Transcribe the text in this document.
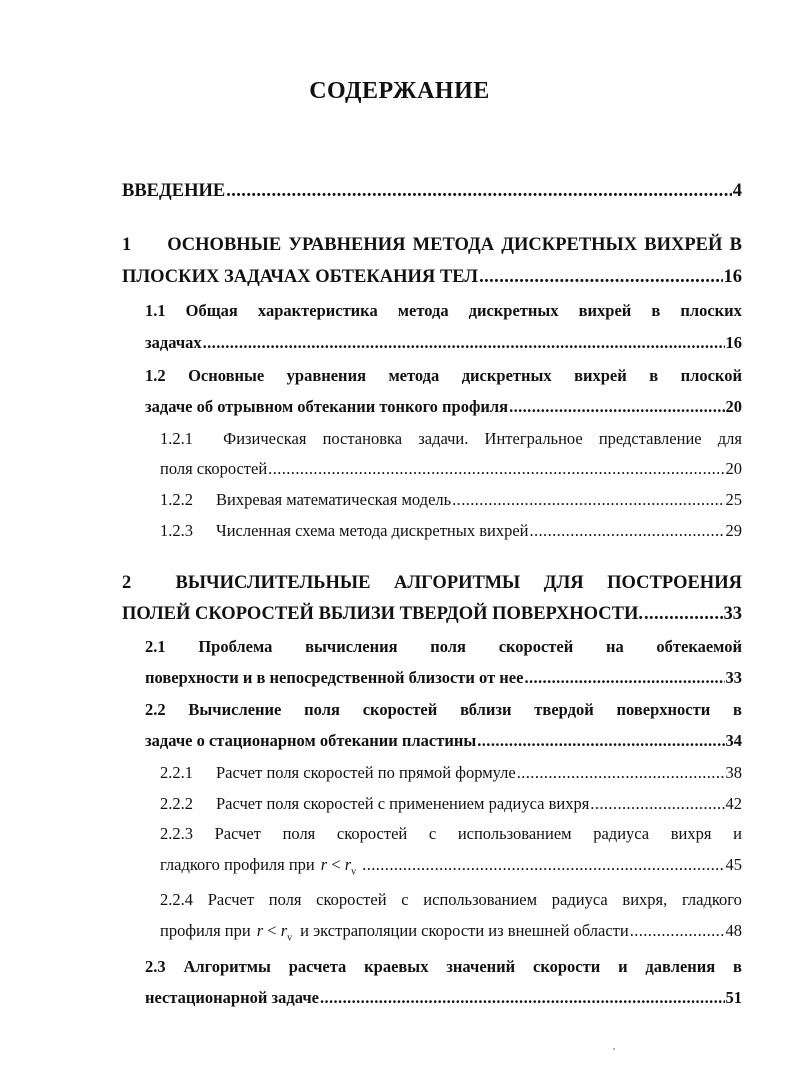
СОДЕРЖАНИЕ
ВВЕДЕНИЕ .....	4
1	ОСНОВНЫЕ УРАВНЕНИЯ МЕТОДА ДИСКРЕТНЫХ ВИХРЕЙ В
ПЛОСКИХ ЗАДАЧАХ ОБТЕКАНИЯ ТЕЛ .....	16
1.1 Общая характеристика метода дискретных вихрей в плоских
задачах .....	16
1.2 Основные уравнения метода дискретных вихрей в плоской
задаче об отрывном обтекании тонкого профиля .....	20
1.2.1 Физическая постановка задачи. Интегральное представление для
поля скоростей .....	20
1.2.2	Вихревая математическая модель .....	25
1.2.3	Численная схема метода дискретных вихрей .....	29
2	ВЫЧИСЛИТЕЛЬНЫЕ АЛГОРИТМЫ ДЛЯ ПОСТРОЕНИЯ
ПОЛЕЙ СКОРОСТЕЙ ВБЛИЗИ ТВЕРДОЙ ПОВЕРХНОСТИ. .....	33
2.1 Проблема вычисления поля скоростей на обтекаемой
поверхности и в непосредственной близости от нее .....	33
2.2 Вычисление поля скоростей вблизи твердой поверхности в
задаче о стационарном обтекании пластины .....	34
2.2.1	Расчет поля скоростей по прямой формуле .....	38
2.2.2	Расчет поля скоростей с применением радиуса вихря .....	42
2.2.3 Расчет поля скоростей с использованием радиуса вихря и
гладкого профиля при $r < r_v$ .....	45
2.2.4 Расчет поля скоростей с использованием радиуса вихря, гладкого
профиля при $r < r_v$ и экстраполяции скорости из внешней области .....	48
2.3 Алгоритмы расчета краевых значений скорости и давления в
нестационарной задаче .....	51
